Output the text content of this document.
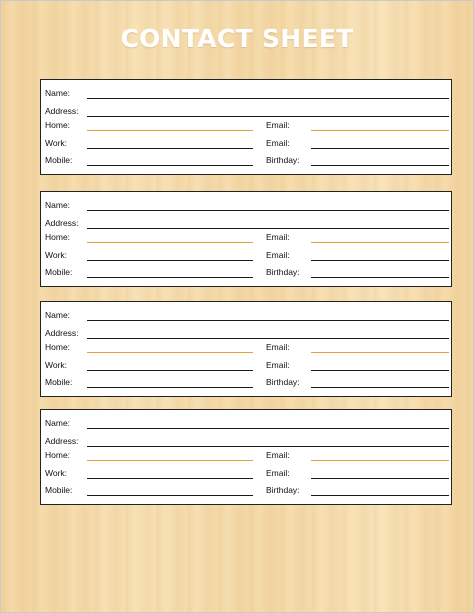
CONTACT SHEET
Name:
Address:
Home:	Email:
Work:	Email:
Mobile:	Birthday:
Name:
Address:
Home:	Email:
Work:	Email:
Mobile:	Birthday:
Name:
Address:
Home:	Email:
Work:	Email:
Mobile:	Birthday:
Name:
Address:
Home:	Email:
Work:	Email:
Mobile:	Birthday:
